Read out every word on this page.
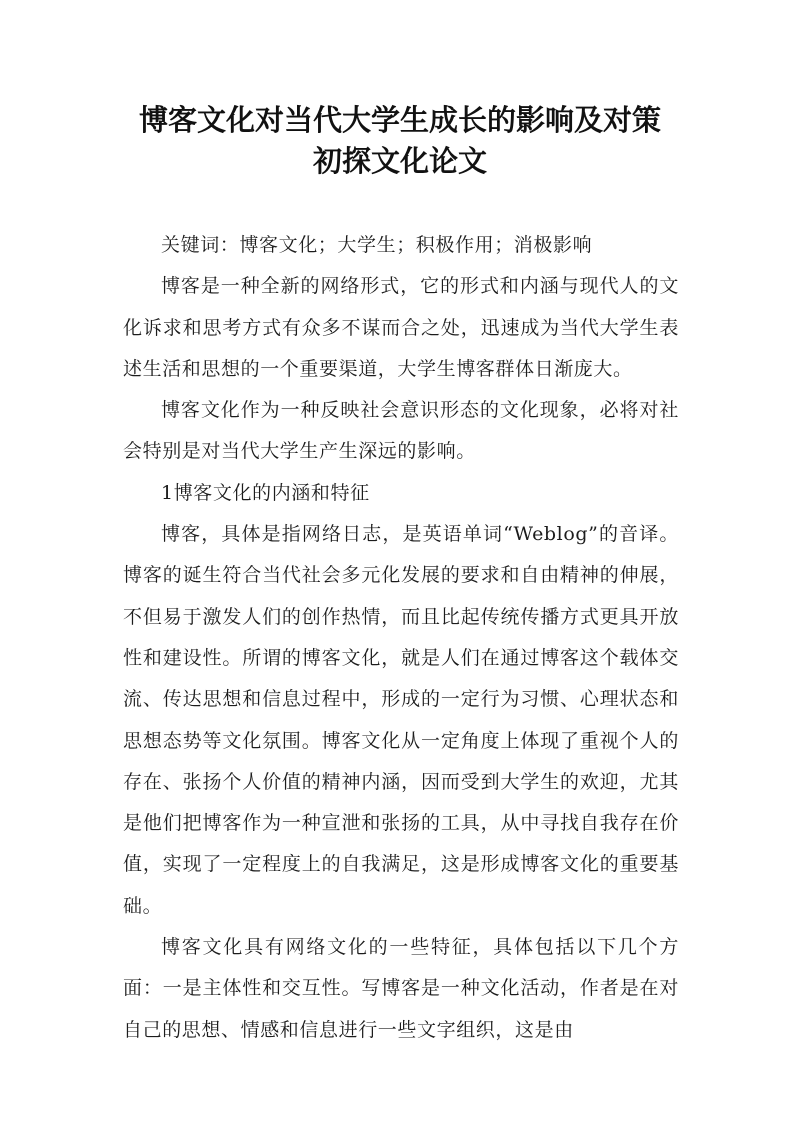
博客文化对当代大学生成长的影响及对策
初探文化论文

关键词：博客文化；大学生；积极作用；消极影响

博客是一种全新的网络形式，它的形式和内涵与现代人的文化诉求和思考方式有众多不谋而合之处，迅速成为当代大学生表述生活和思想的一个重要渠道，大学生博客群体日渐庞大。

博客文化作为一种反映社会意识形态的文化现象，必将对社会特别是对当代大学生产生深远的影响。

1博客文化的内涵和特征

博客，具体是指网络日志，是英语单词“Weblog”的音译。博客的诞生符合当代社会多元化发展的要求和自由精神的伸展，不但易于激发人们的创作热情，而且比起传统传播方式更具开放性和建设性。所谓的博客文化，就是人们在通过博客这个载体交流、传达思想和信息过程中，形成的一定行为习惯、心理状态和思想态势等文化氛围。博客文化从一定角度上体现了重视个人的存在、张扬个人价值的精神内涵，因而受到大学生的欢迎，尤其是他们把博客作为一种宣泄和张扬的工具，从中寻找自我存在价值，实现了一定程度上的自我满足，这是形成博客文化的重要基础。

博客文化具有网络文化的一些特征，具体包括以下几个方面：一是主体性和交互性。写博客是一种文化活动，作者是在对自己的思想、情感和信息进行一些文字组织，这是由
